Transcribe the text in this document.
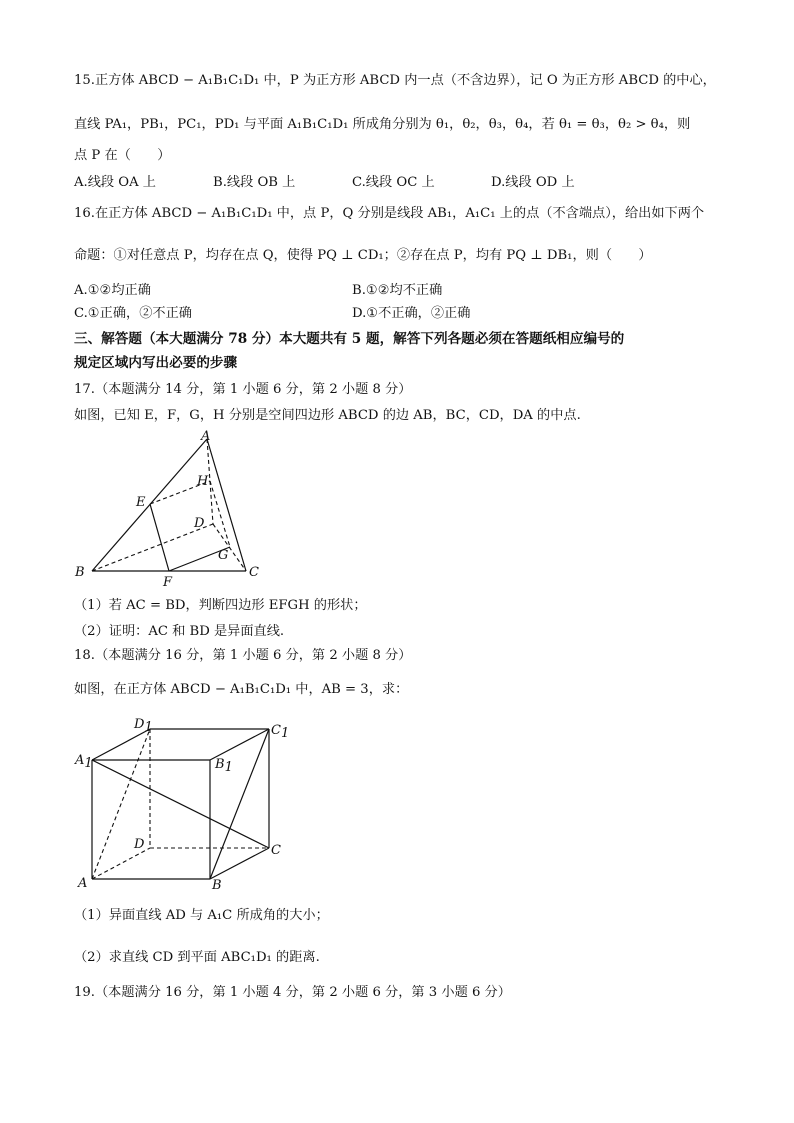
15.正方体 ABCD − A₁B₁C₁D₁ 中，P 为正方形 ABCD 内一点（不含边界），记 O 为正方形 ABCD 的中心，
直线 PA₁，PB₁，PC₁，PD₁ 与平面 A₁B₁C₁D₁ 所成角分别为 θ₁，θ₂，θ₃，θ₄，若 θ₁ = θ₃，θ₂ > θ₄，则
点 P 在（　　）
A.线段 OA 上	B.线段 OB 上	C.线段 OC 上	D.线段 OD 上
16.在正方体 ABCD − A₁B₁C₁D₁ 中，点 P，Q 分别是线段 AB₁，A₁C₁ 上的点（不含端点），给出如下两个
命题：①对任意点 P，均存在点 Q，使得 PQ ⊥ CD₁；②存在点 P，均有 PQ ⊥ DB₁，则（　　）
A.①②均正确	B.①②均不正确
C.①正确，②不正确	D.①不正确，②正确
三、解答题（本大题满分 78 分）本大题共有 5 题，解答下列各题必须在答题纸相应编号的
规定区域内写出必要的步骤
17.（本题满分 14 分，第 1 小题 6 分，第 2 小题 8 分）
如图，已知 E，F，G，H 分别是空间四边形 ABCD 的边 AB，BC，CD，DA 的中点.
A
H
E
D
G
B
F
C
（1）若 AC = BD，判断四边形 EFGH 的形状；
（2）证明：AC 和 BD 是异面直线.
18.（本题满分 16 分，第 1 小题 6 分，第 2 小题 8 分）
如图，在正方体 ABCD − A₁B₁C₁D₁ 中，AB = 3，求：
D1	C1
A1	B1
D	C
A	B
（1）异面直线 AD 与 A₁C 所成角的大小；
（2）求直线 CD 到平面 ABC₁D₁ 的距离.
19.（本题满分 16 分，第 1 小题 4 分，第 2 小题 6 分，第 3 小题 6 分）
